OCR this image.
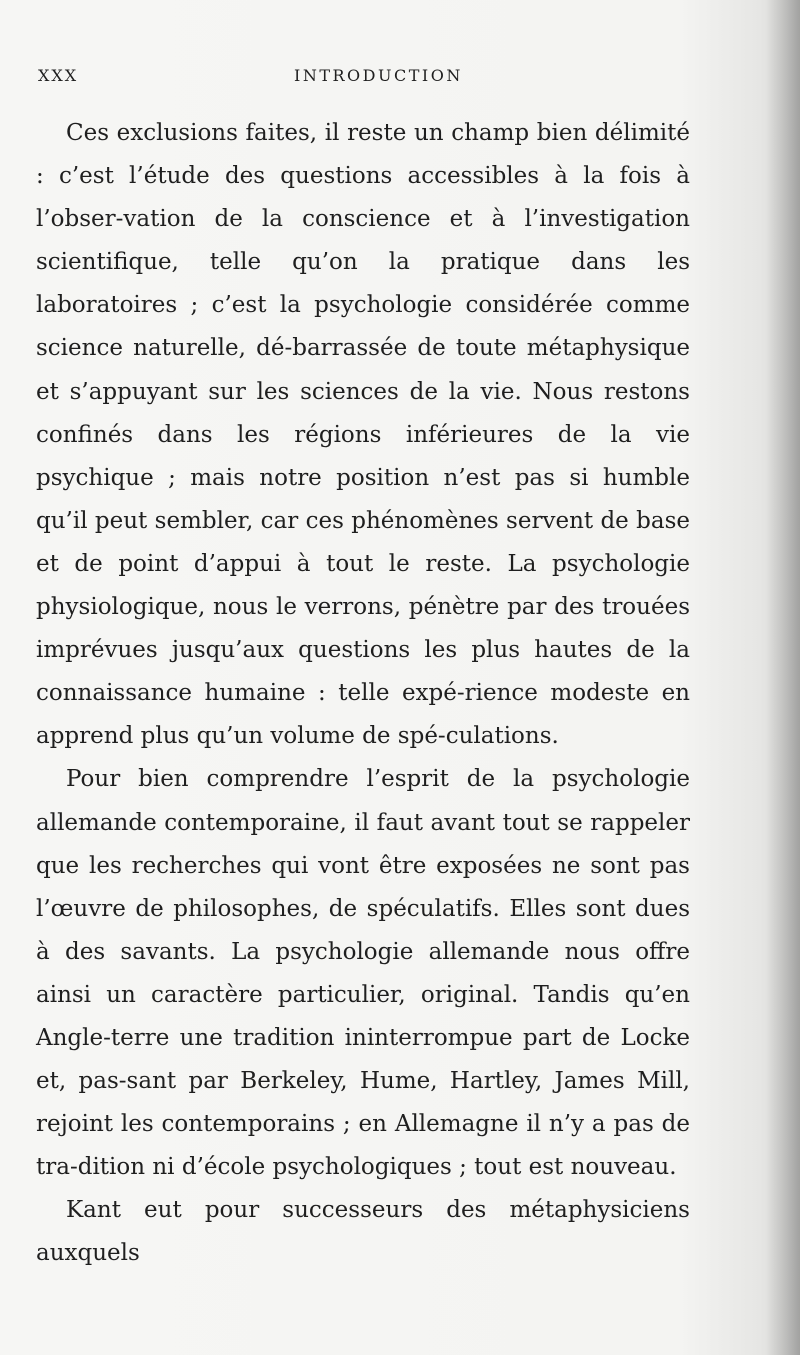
XXX	INTRODUCTION

Ces exclusions faites, il reste un champ bien délimité : c’est l’étude des questions accessibles à la fois à l’obser-vation de la conscience et à l’investigation scientifique, telle qu’on la pratique dans les laboratoires ; c’est la psychologie considérée comme science naturelle, dé-barrassée de toute métaphysique et s’appuyant sur les sciences de la vie. Nous restons confinés dans les régions inférieures de la vie psychique ; mais notre position n’est pas si humble qu’il peut sembler, car ces phénomènes servent de base et de point d’appui à tout le reste. La psychologie physiologique, nous le verrons, pénètre par des trouées imprévues jusqu’aux questions les plus hautes de la connaissance humaine : telle expé-rience modeste en apprend plus qu’un volume de spé-culations.

Pour bien comprendre l’esprit de la psychologie allemande contemporaine, il faut avant tout se rappeler que les recherches qui vont être exposées ne sont pas l’œuvre de philosophes, de spéculatifs. Elles sont dues à des savants. La psychologie allemande nous offre ainsi un caractère particulier, original. Tandis qu’en Angle-terre une tradition ininterrompue part de Locke et, pas-sant par Berkeley, Hume, Hartley, James Mill, rejoint les contemporains ; en Allemagne il n’y a pas de tra-dition ni d’école psychologiques ; tout est nouveau.

Kant eut pour successeurs des métaphysiciens auxquels
